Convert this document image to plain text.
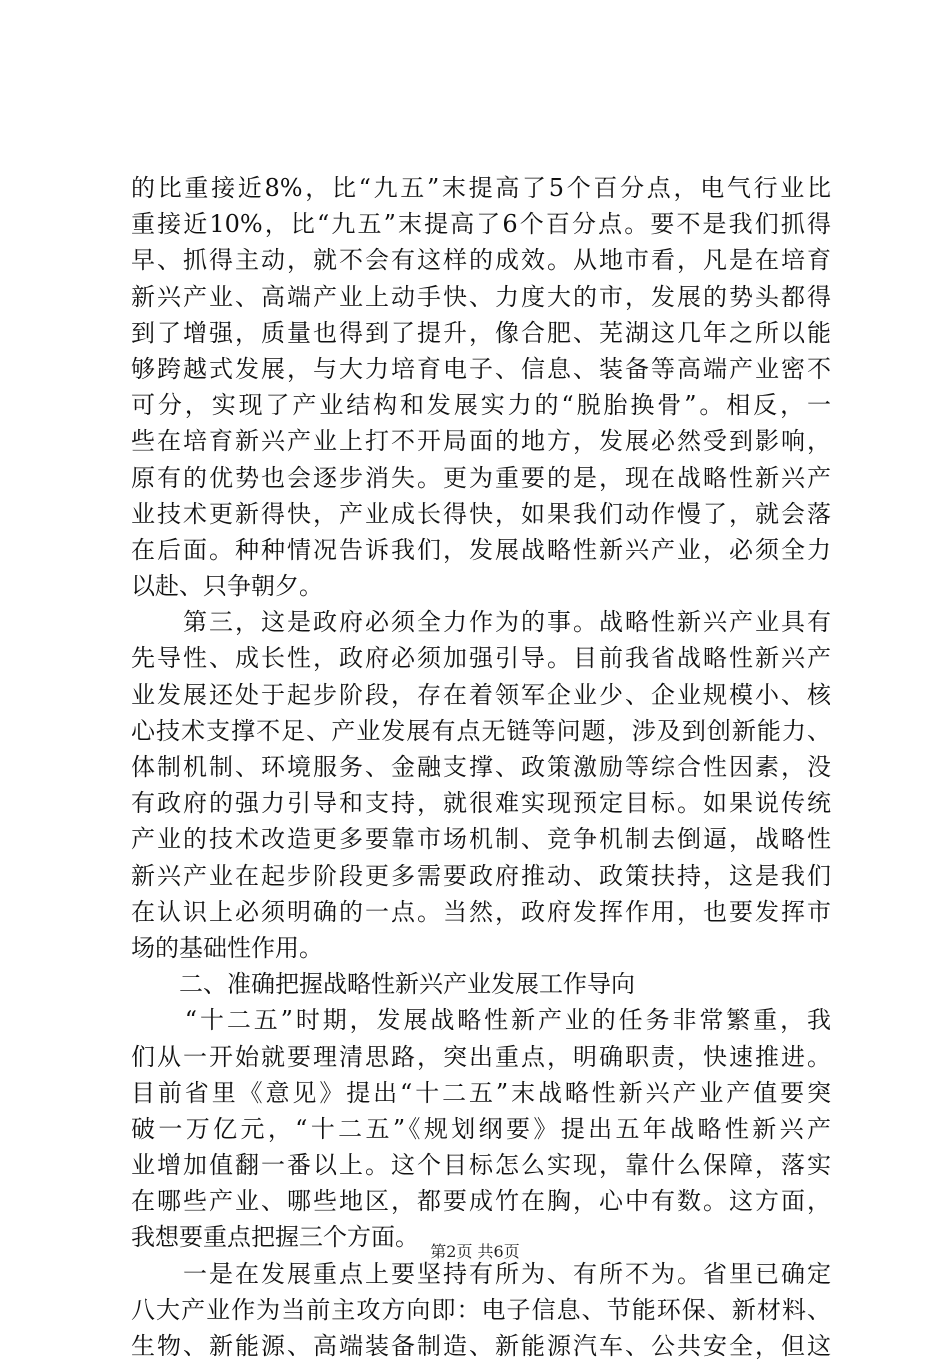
的比重接近8%，比“九五”末提高了5个百分点，电气行业比
重接近10%，比“九五”末提高了6个百分点。要不是我们抓得
早、抓得主动，就不会有这样的成效。从地市看，凡是在培育
新兴产业、高端产业上动手快、力度大的市，发展的势头都得
到了增强，质量也得到了提升，像合肥、芜湖这几年之所以能
够跨越式发展，与大力培育电子、信息、装备等高端产业密不
可分，实现了产业结构和发展实力的“脱胎换骨”。相反，一
些在培育新兴产业上打不开局面的地方，发展必然受到影响，
原有的优势也会逐步消失。更为重要的是，现在战略性新兴产
业技术更新得快，产业成长得快，如果我们动作慢了，就会落
在后面。种种情况告诉我们，发展战略性新兴产业，必须全力
以赴、只争朝夕。
　　第三，这是政府必须全力作为的事。战略性新兴产业具有
先导性、成长性，政府必须加强引导。目前我省战略性新兴产
业发展还处于起步阶段，存在着领军企业少、企业规模小、核
心技术支撑不足、产业发展有点无链等问题，涉及到创新能力、
体制机制、环境服务、金融支撑、政策激励等综合性因素，没
有政府的强力引导和支持，就很难实现预定目标。如果说传统
产业的技术改造更多要靠市场机制、竞争机制去倒逼，战略性
新兴产业在起步阶段更多需要政府推动、政策扶持，这是我们
在认识上必须明确的一点。当然，政府发挥作用，也要发挥市
场的基础性作用。
　　二、准确把握战略性新兴产业发展工作导向
　　“十二五”时期，发展战略性新产业的任务非常繁重，我
们从一开始就要理清思路，突出重点，明确职责，快速推进。
目前省里《意见》提出“十二五”末战略性新兴产业产值要突
破一万亿元，“十二五”《规划纲要》提出五年战略性新兴产
业增加值翻一番以上。这个目标怎么实现，靠什么保障，落实
在哪些产业、哪些地区，都要成竹在胸，心中有数。这方面，
我想要重点把握三个方面。
　　一是在发展重点上要坚持有所为、有所不为。省里已确定
八大产业作为当前主攻方向即：电子信息、节能环保、新材料、
生物、新能源、高端装备制造、新能源汽车、公共安全，但这
第2页 共6页
